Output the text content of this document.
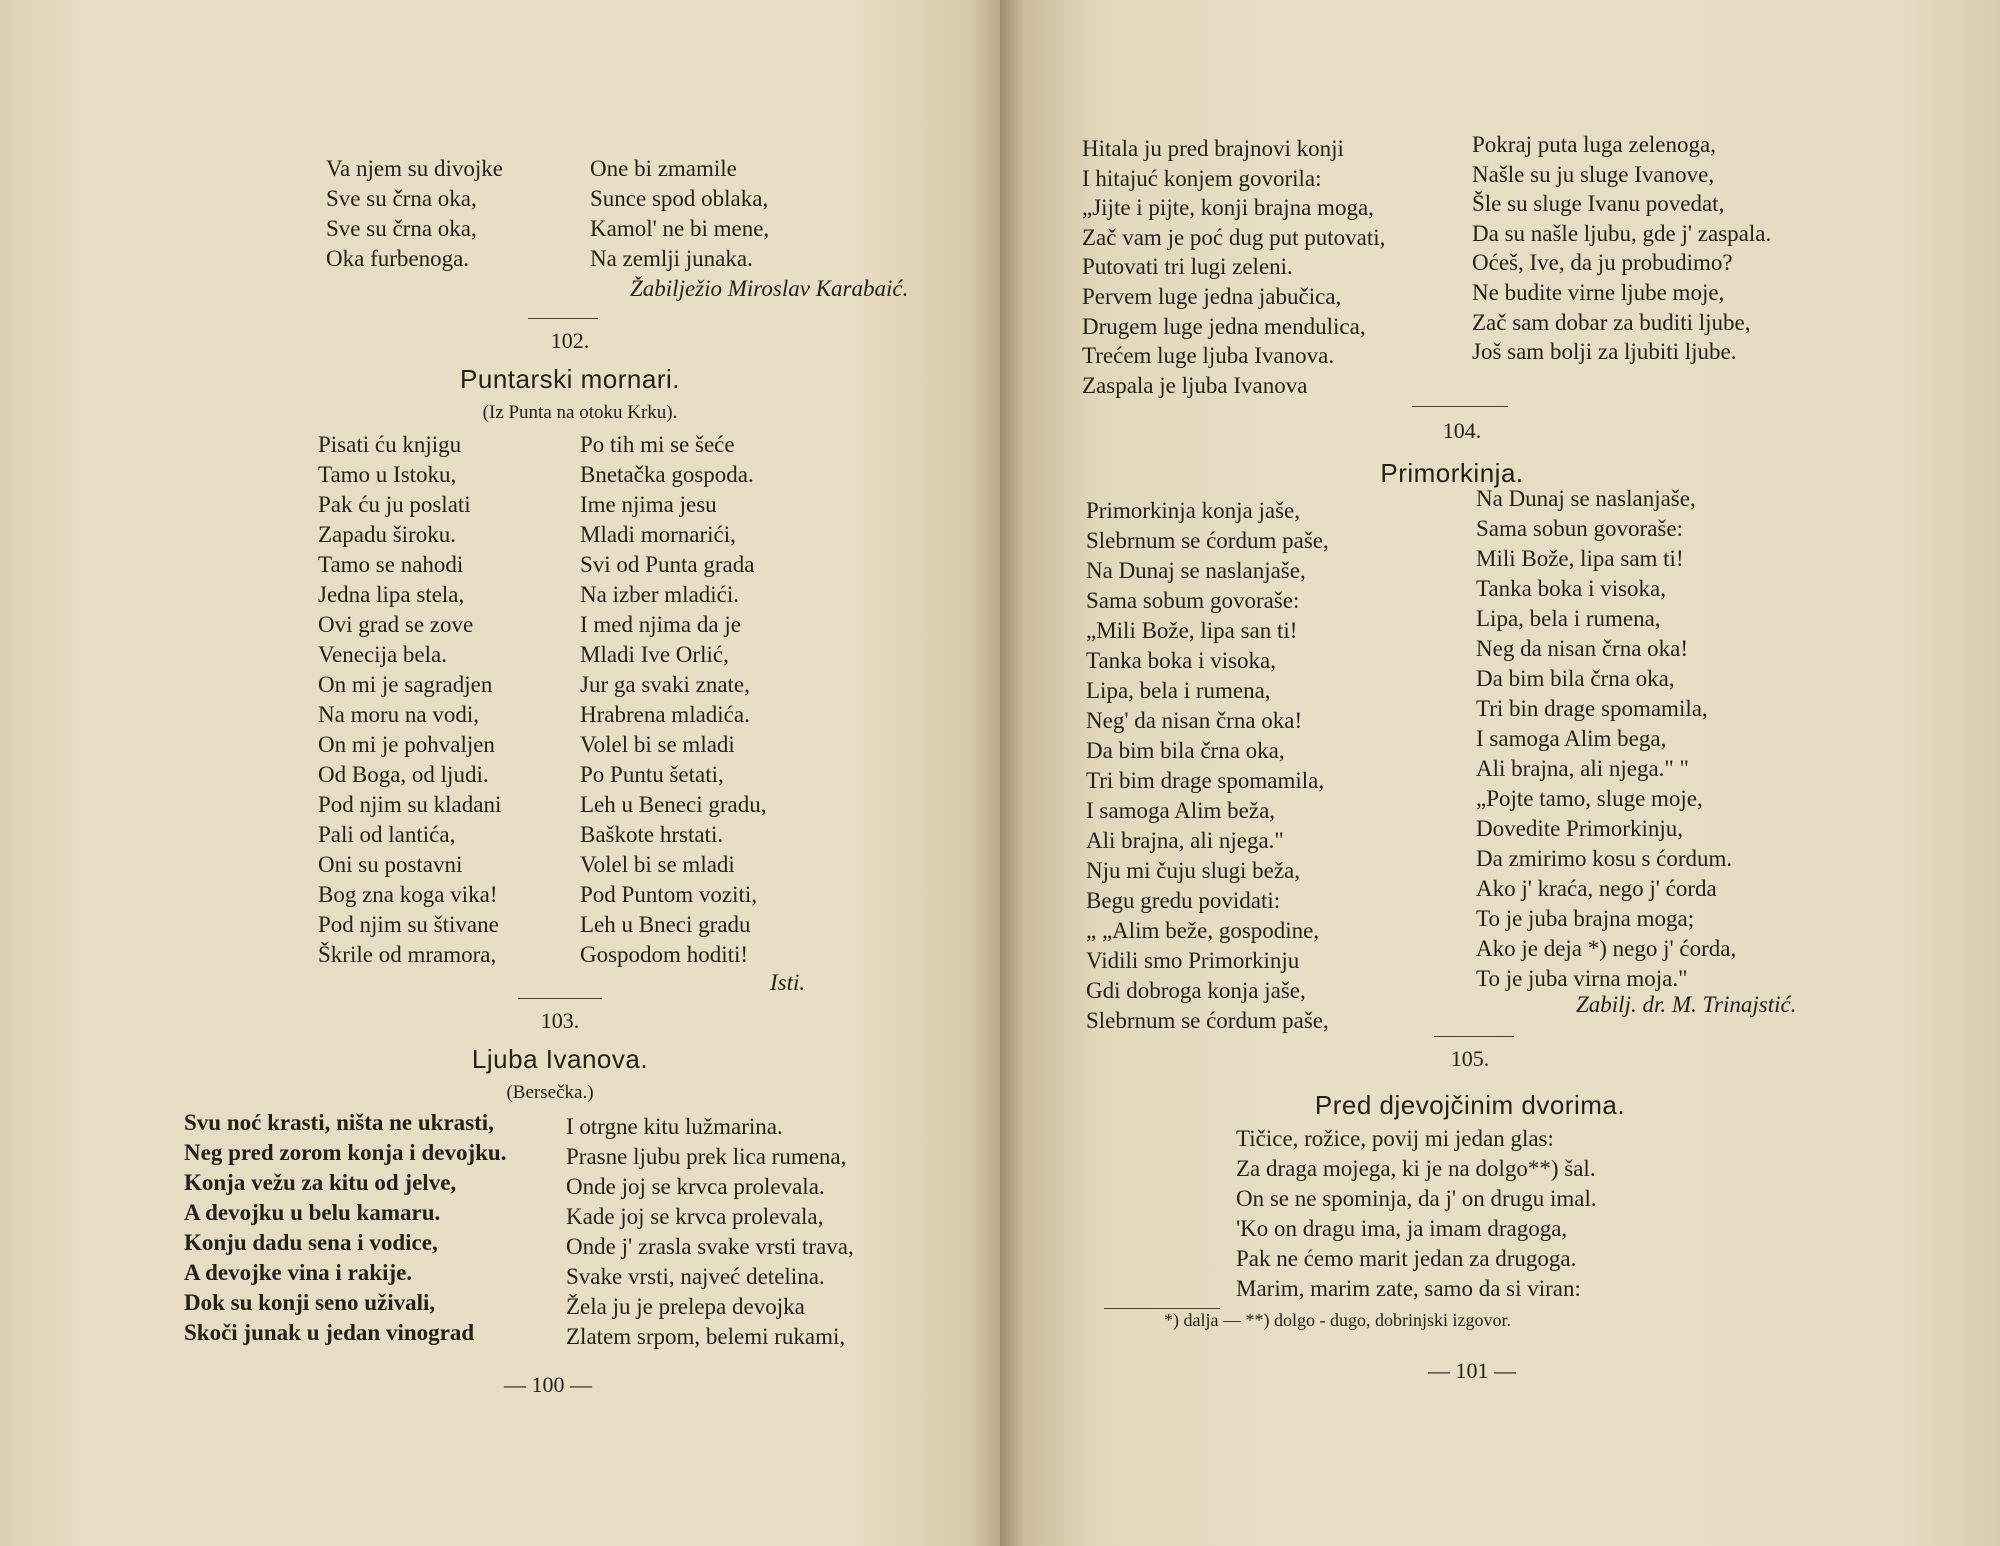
Va njem su divojke
Sve su črna oka,
Sve su črna oka,
Oka furbenoga.
One bi zmamile
Sunce spod oblaka,
Kamol' ne bi mene,
Na zemlji junaka.
Žabilježio Miroslav Karabaić.
102.
Puntarski mornari.
(Iz Punta na otoku Krku).
Pisati ću knjigu
Tamo u Istoku,
Pak ću ju poslati
Zapadu široku.
Tamo se nahodi
Jedna lipa stela,
Ovi grad se zove
Venecija bela.
On mi je sagradjen
Na moru na vodi,
On mi je pohvaljen
Od Boga, od ljudi.
Pod njim su kladani
Pali od lantića,
Oni su postavni
Bog zna koga vika!
Pod njim su štivane
Škrile od mramora,
Po tih mi se šeće
Bnetačka gospoda.
Ime njima jesu
Mladi mornarići,
Svi od Punta grada
Na izber mladići.
I med njima da je
Mladi Ive Orlić,
Jur ga svaki znate,
Hrabrena mladića.
Volel bi se mladi
Po Puntu šetati,
Leh u Beneci gradu,
Baškote hrstati.
Volel bi se mladi
Pod Puntom voziti,
Leh u Bneci gradu
Gospodom hoditi!
Isti.
103.
Ljuba Ivanova.
(Bersečka.)
Svu noć krasti, ništa ne ukrasti,
Neg pred zorom konja i devojku.
Konja vežu za kitu od jelve,
A devojku u belu kamaru.
Konju dadu sena i vodice,
A devojke vina i rakije.
Dok su konji seno uživali,
Skoči junak u jedan vinograd
I otrgne kitu lužmarina.
Prasne ljubu prek lica rumena,
Onde joj se krvca prolevala.
Kade joj se krvca prolevala,
Onde j' zrasla svake vrsti trava,
Svake vrsti, najveć detelina.
Žela ju je prelepa devojka
Zlatem srpom, belemi rukami,
— 100 —
Hitala ju pred brajnovi konji
I hitajuć konjem govorila:
„Jijte i pijte, konji brajna moga,
Zač vam je poć dug put putovati,
Putovati tri lugi zeleni.
Pervem luge jedna jabučica,
Drugem luge jedna mendulica,
Trećem luge ljuba Ivanova.
Zaspala je ljuba Ivanova
Pokraj puta luga zelenoga,
Našle su ju sluge Ivanove,
Šle su sluge Ivanu povedat,
Da su našle ljubu, gde j' zaspala.
Oćeš, Ive, da ju probudimo?
Ne budite virne ljube moje,
Zač sam dobar za buditi ljube,
Još sam bolji za ljubiti ljube.
104.
Primorkinja.
Primorkinja konja jaše,
Slebrnum se ćordum paše,
Na Dunaj se naslanjaše,
Sama sobum govoraše:
„Mili Bože, lipa san ti!
Tanka boka i visoka,
Lipa, bela i rumena,
Neg' da nisan črna oka!
Da bim bila črna oka,
Tri bim drage spomamila,
I samoga Alim beža,
Ali brajna, ali njega."
Nju mi čuju slugi beža,
Begu gredu povidati:
„ „Alim beže, gospodine,
Vidili smo Primorkinju
Gdi dobroga konja jaše,
Slebrnum se ćordum paše,
Na Dunaj se naslanjaše,
Sama sobun govoraše:
Mili Bože, lipa sam ti!
Tanka boka i visoka,
Lipa, bela i rumena,
Neg da nisan črna oka!
Da bim bila črna oka,
Tri bin drage spomamila,
I samoga Alim bega,
Ali brajna, ali njega." "
„Pojte tamo, sluge moje,
Dovedite Primorkinju,
Da zmirimo kosu s ćordum.
Ako j' kraća, nego j' ćorda
To je juba brajna moga;
Ako je deja *) nego j' ćorda,
To je juba virna moja."
Zabilj. dr. M. Trinajstić.
105.
Pred djevojčinim dvorima.
Tičice, rožice, povij mi jedan glas:
Za draga mojega, ki je na dolgo**) šal.
On se ne spominja, da j' on drugu imal.
'Ko on dragu ima, ja imam dragoga,
Pak ne ćemo marit jedan za drugoga.
Marim, marim zate, samo da si viran:
*) dalja — **) dolgo - dugo, dobrinjski izgovor.
— 101 —
